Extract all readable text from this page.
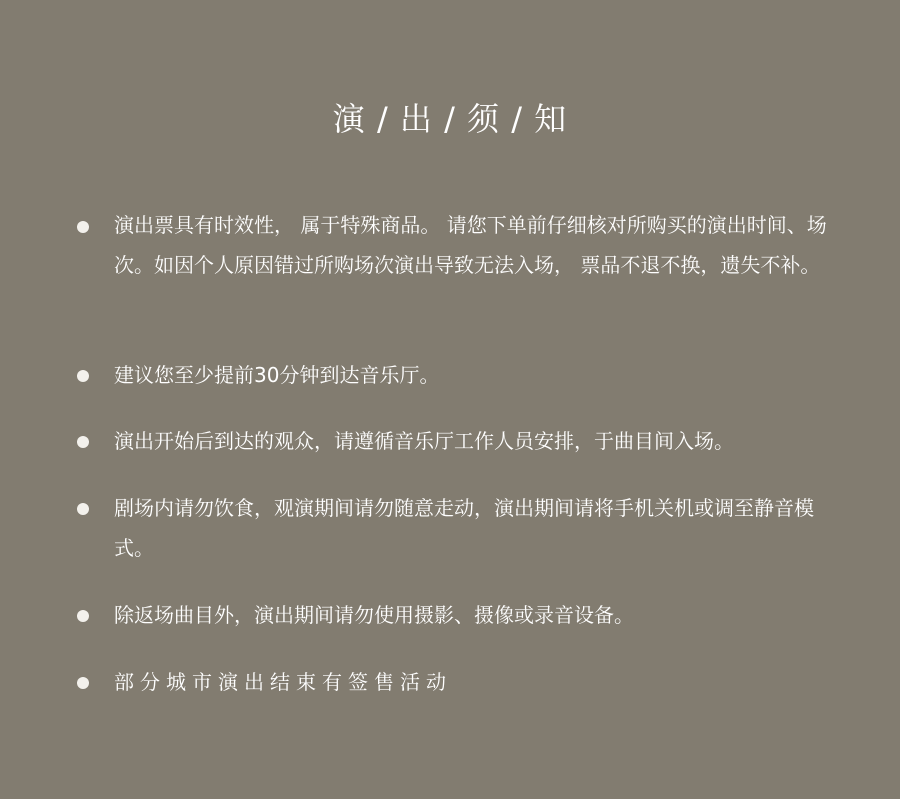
演 / 出 / 须 / 知
演出票具有时效性， 属于特殊商品。 请您下单前仔细核对所购买的演出时间、场次。如因个人原因错过所购场次演出导致无法入场， 票品不退不换，遗失不补。
建议您至少提前30分钟到达音乐厅。
演出开始后到达的观众，请遵循音乐厅工作人员安排，于曲目间入场。
剧场内请勿饮食，观演期间请勿随意走动，演出期间请将手机关机或调至静音模式。
除返场曲目外，演出期间请勿使用摄影、摄像或录音设备。
部分城市演出结束有签售活动
